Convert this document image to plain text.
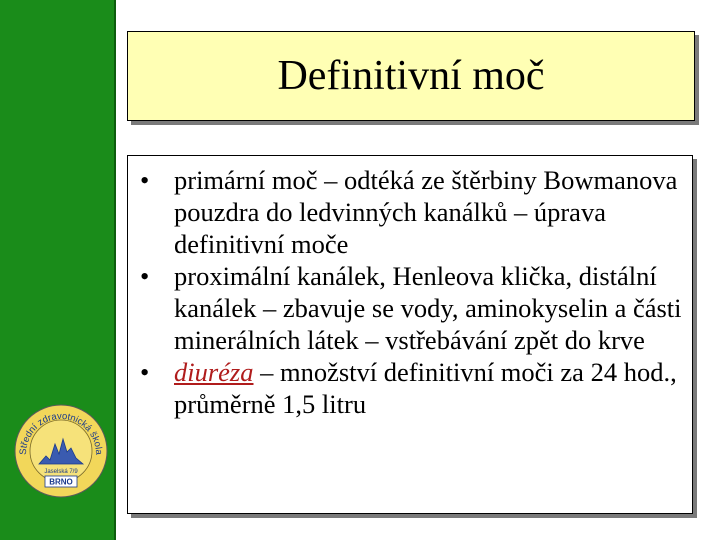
Střední zdravotnická škola
Jaselská 7/9
BRNO
Definitivní moč
• primární moč – odtéká ze štěrbiny Bowmanova pouzdra do ledvinných kanálků – úprava definitivní moče
• proximální kanálek, Henleova klička, distální kanálek – zbavuje se vody, aminokyselin a části minerálních látek – vstřebávání zpět do krve
• diuréza – množství definitivní moči za 24 hod., průměrně 1,5 litru
